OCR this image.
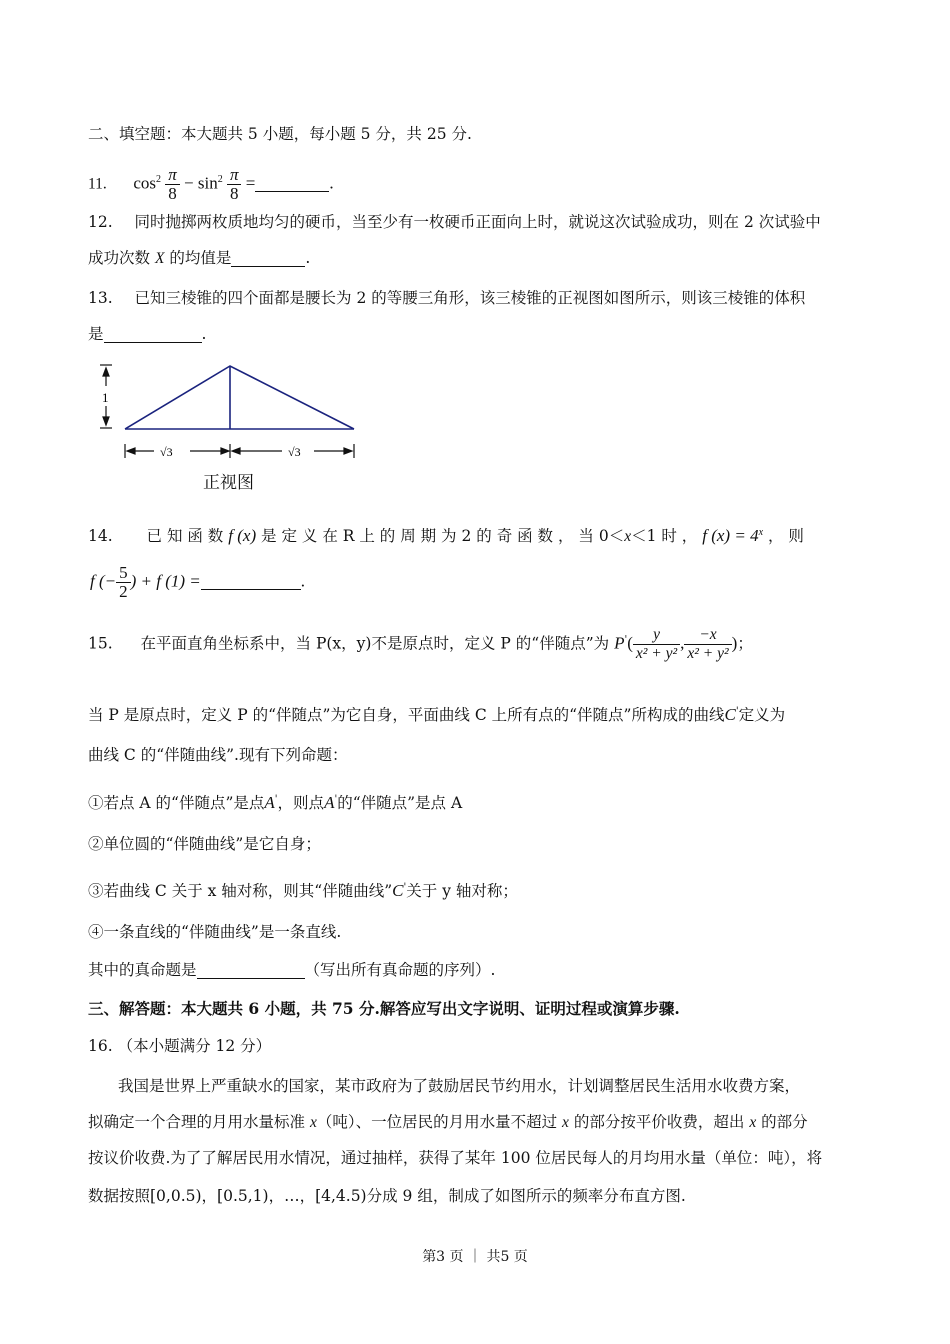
二、填空题：本大题共 5 小题，每小题 5 分，共 25 分.
11. $\cos^2 \frac{\pi}{8} - \sin^2 \frac{\pi}{8}$ =	.
12. 同时抛掷两枚质地均匀的硬币，当至少有一枚硬币正面向上时，就说这次试验成功，则在 2 次试验中
成功次数 X 的均值是	.
13. 已知三棱锥的四个面都是腰长为 2 的等腰三角形，该三棱锥的正视图如图所示，则该三棱锥的体积
是	.
1
√3	√3
正视图
14. 已 知 函 数 f (x) 是 定 义 在 R 上 的 周 期 为 2 的 奇 函 数 ， 当 0＜x＜1 时 ， f $(x) = 4^x$ ， 则
f (− $\frac{5}{2}$ ) + f (1) =	.
15. 在平面直角坐标系中，当 P(x，y)不是原点时，定义 P 的“伴随点”为 $P'( \frac{y}{\text{x² + y²}}$ , $\frac{-x}{\text{x² + y²}}$ )；
当 P 是原点时，定义 P 的“伴随点”为它自身，平面曲线 C 上所有点的“伴随点”所构成的曲线C'定义为
曲线 C 的“伴随曲线”.现有下列命题：
①若点 A 的“伴随点”是点A'，则点A'的“伴随点”是点 A
②单位圆的“伴随曲线”是它自身；
③若曲线 C 关于 x 轴对称，则其“伴随曲线”C'关于 y 轴对称；
④一条直线的“伴随曲线”是一条直线.
其中的真命题是	（写出所有真命题的序列）.
三、解答题：本大题共 6 小题，共 75 分.解答应写出文字说明、证明过程或演算步骤.
16. （本小题满分 12 分）
我国是世界上严重缺水的国家，某市政府为了鼓励居民节约用水，计划调整居民生活用水收费方案，
拟确定一个合理的月用水量标准 x（吨）、一位居民的月用水量不超过 x 的部分按平价收费，超出 x 的部分
按议价收费.为了了解居民用水情况，通过抽样，获得了某年 100 位居民每人的月均用水量（单位：吨），将
数据按照[0,0.5)，[0.5,1)，…，[4,4.5)分成 9 组，制成了如图所示的频率分布直方图.
第3 页 ｜ 共5 页
